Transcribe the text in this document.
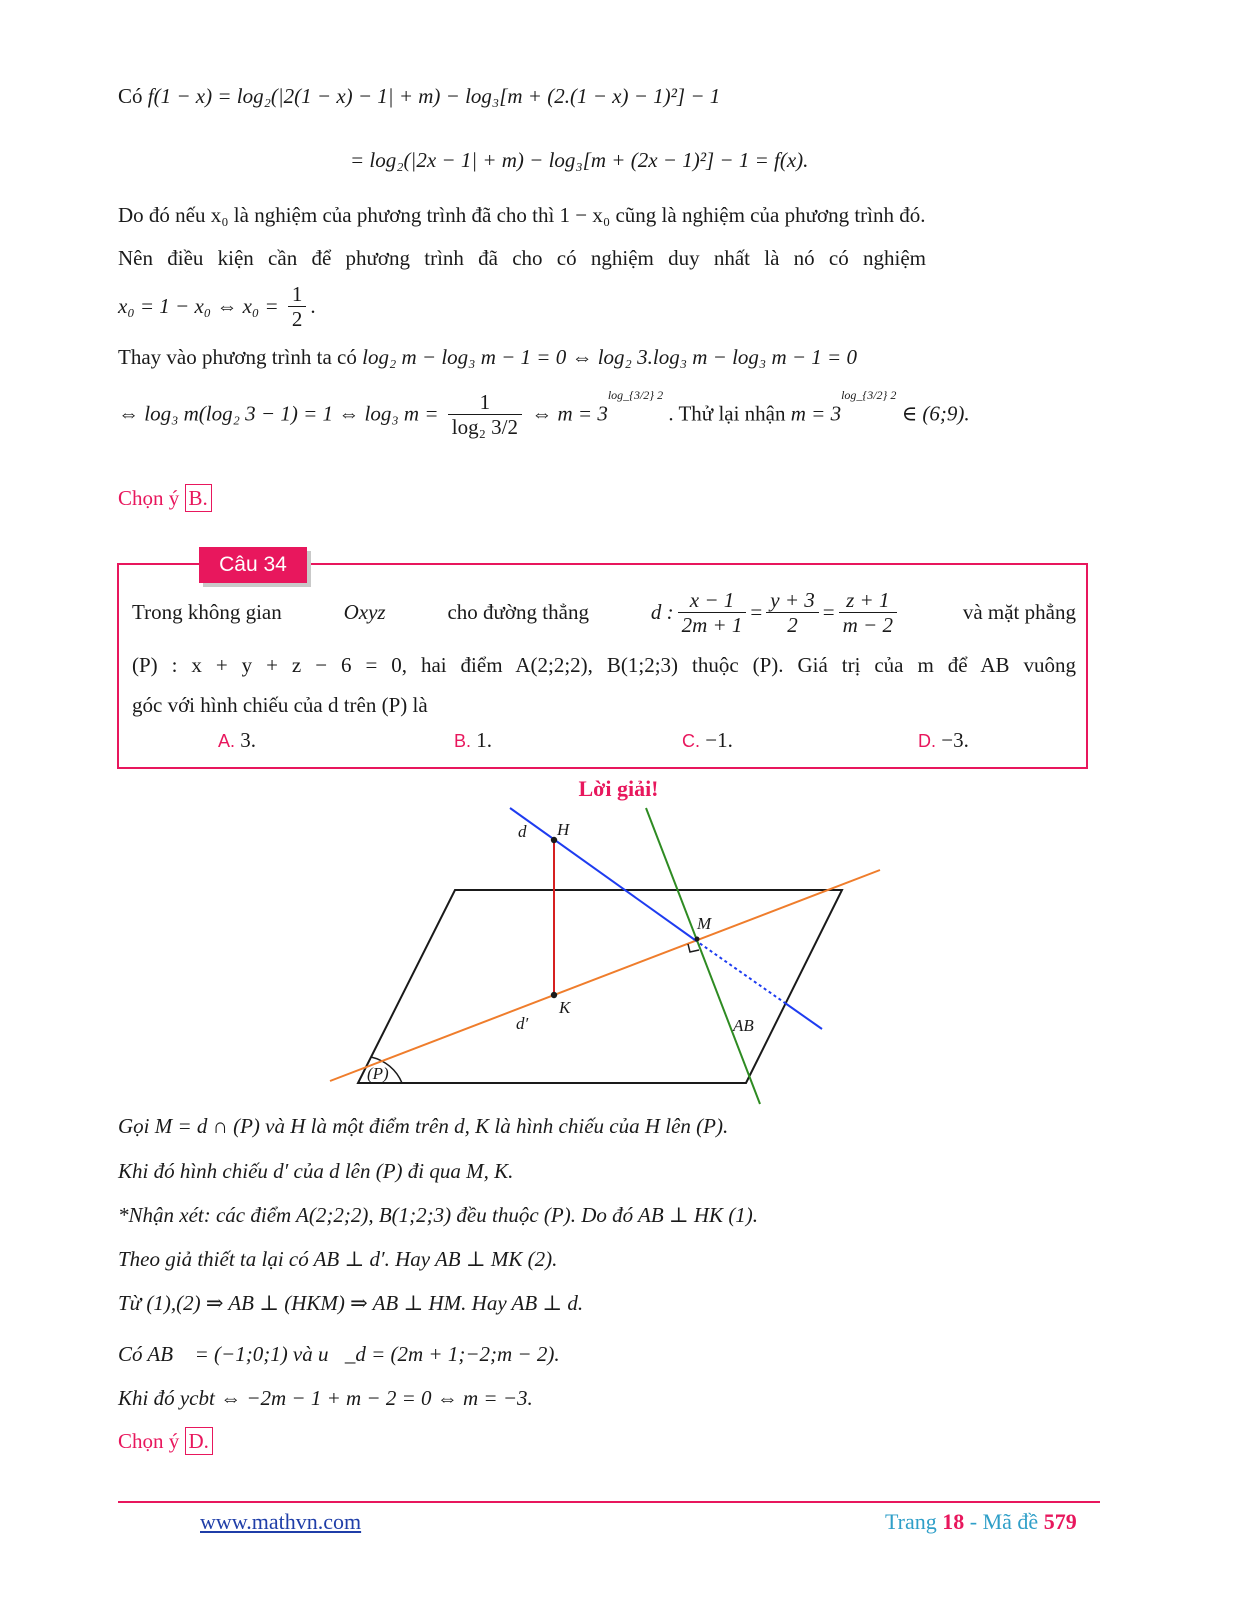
Có f(1 − x) = log₂(|2(1 − x) − 1| + m) − log₃[m + (2.(1 − x) − 1)²] − 1
= log₂(|2x − 1| + m) − log₃[m + (2x − 1)²] − 1 = f(x).
Do đó nếu x₀ là nghiệm của phương trình đã cho thì 1 − x₀ cũng là nghiệm của phương trình đó.
Nên điều kiện cần để phương trình đã cho có nghiệm duy nhất là nó có nghiệm
x₀ = 1 − x₀ ⇔ $x_0 = \frac{1}{2}$ .
Thay vào phương trình ta có log₂ m − log₃ m − 1 = 0 ⇔ log₂ 3.log₃ m − log₃ m − 1 = 0
⇔ log₃ m(log₂ 3 − 1) = 1 ⇔ log₃ $m = \frac{1}{\text{log₂ 3/2}}$ ⇔ $m = 3^{log\_\{3/2\} 2}$ . Thử lại nhận $m = 3^{log\_\{3/2\} 2}$ ∈ (6;9).
Chọn ý B.
Câu 34
Trong không gian	Oxyz	cho đường thẳng	d : $\frac{x - 1}{2m + 1} = \frac{y + 3}{2} = \frac{z + 1}{m - 2}$	và mặt phẳng
(P) : x + y + z − 6 = 0, hai điểm A(2;2;2), B(1;2;3) thuộc (P). Giá trị của m để AB vuông
góc với hình chiếu của d trên (P) là
A. 3.	B. 1.	C. −1.	D. −3.
Lời giải!
d H
M
K
d′	AB
(P)
Gọi M = d ∩ (P) và H là một điểm trên d, K là hình chiếu của H lên (P).
Khi đó hình chiếu d′ của d lên (P) đi qua M, K.
*Nhận xét: các điểm A(2;2;2), B(1;2;3) đều thuộc (P). Do đó AB ⊥ HK (1).
Theo giả thiết ta lại có AB ⊥ d′. Hay AB ⊥ MK (2).
Từ (1),(2) ⇒ AB ⊥ (HKM) ⇒ AB ⊥ HM. Hay AB ⊥ d.
Có AB⃗ = (−1;0;1) và u⃗_d = (2m + 1;−2;m − 2).
Khi đó ycbt ⇔ −2m − 1 + m − 2 = 0 ⇔ m = −3.
Chọn ý D.
www.mathvn.com	Trang 18 - Mã đề 579
